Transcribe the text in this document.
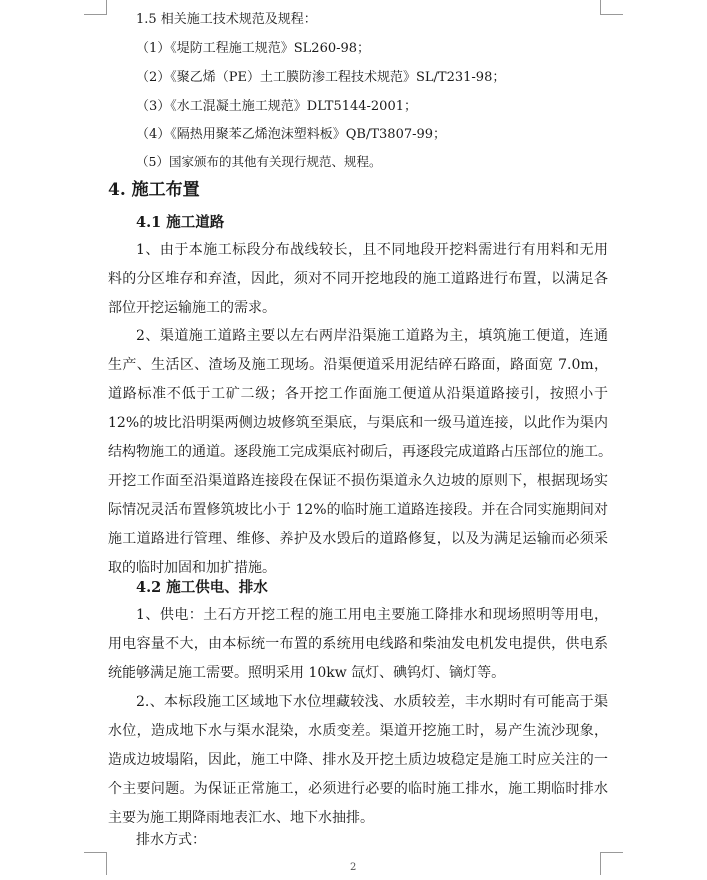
1.5 相关施工技术规范及规程：
（1）《堤防工程施工规范》SL260-98；
（2）《聚乙烯（PE）土工膜防渗工程技术规范》SL/T231-98；
（3）《水工混凝土施工规范》DLT5144-2001；
（4）《隔热用聚苯乙烯泡沫塑料板》QB/T3807-99；
（5）国家颁布的其他有关现行规范、规程。
4. 施工布置
4.1 施工道路
1、由于本施工标段分布战线较长，且不同地段开挖料需进行有用料和无用
料的分区堆存和弃渣，因此，须对不同开挖地段的施工道路进行布置，以满足各
部位开挖运输施工的需求。
2、渠道施工道路主要以左右两岸沿渠施工道路为主，填筑施工便道，连通
生产、生活区、渣场及施工现场。沿渠便道采用泥结碎石路面，路面宽 7.0m，
道路标准不低于工矿二级；各开挖工作面施工便道从沿渠道路接引，按照小于
12%的坡比沿明渠两侧边坡修筑至渠底，与渠底和一级马道连接，以此作为渠内
结构物施工的通道。逐段施工完成渠底衬砌后，再逐段完成道路占压部位的施工。
开挖工作面至沿渠道路连接段在保证不损伤渠道永久边坡的原则下，根据现场实
际情况灵活布置修筑坡比小于 12%的临时施工道路连接段。并在合同实施期间对
施工道路进行管理、维修、养护及水毁后的道路修复，以及为满足运输而必须采
取的临时加固和加扩措施。
4.2 施工供电、排水
1、供电：土石方开挖工程的施工用电主要施工降排水和现场照明等用电，
用电容量不大，由本标统一布置的系统用电线路和柴油发电机发电提供，供电系
统能够满足施工需要。照明采用 10kw 氙灯、碘钨灯、镝灯等。
2.、本标段施工区域地下水位埋藏较浅、水质较差，丰水期时有可能高于渠
水位，造成地下水与渠水混染，水质变差。渠道开挖施工时，易产生流沙现象，
造成边坡塌陷，因此，施工中降、排水及开挖土质边坡稳定是施工时应关注的一
个主要问题。为保证正常施工，必须进行必要的临时施工排水，施工期临时排水
主要为施工期降雨地表汇水、地下水抽排。
排水方式：
2
